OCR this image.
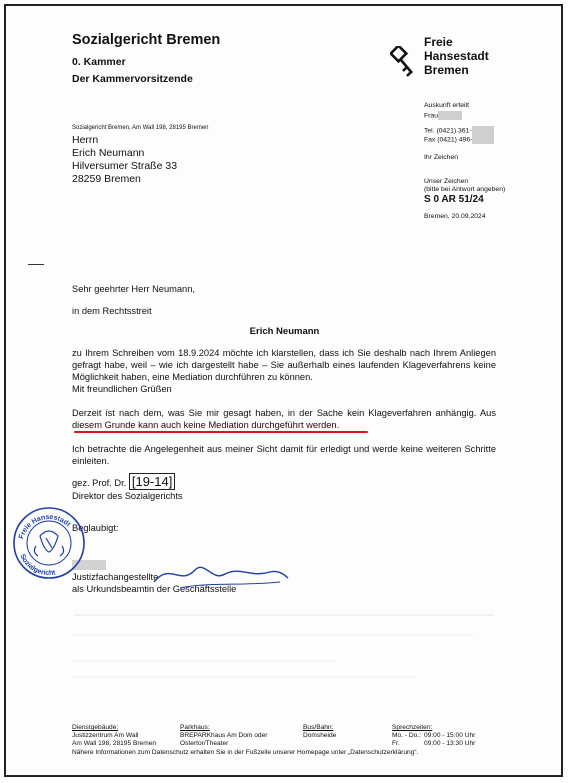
Sozialgericht Bremen
0. Kammer
Der Kammervorsitzende
Freie
Hansestadt
Bremen
Sozialgericht Bremen, Am Wall 198, 28195 Bremen
Herrn
Erich Neumann
Hilversumer Straße 33
28259 Bremen
Auskunft erteilt
Frau
Tel. (0421) 361-
Fax (0421) 496-
Ihr Zeichen
Unser Zeichen
(bitte bei Antwort angeben)
S 0 AR 51/24
Bremen, 20.09.2024
Sehr geehrter Herr Neumann,
in dem Rechtsstreit
Erich Neumann
zu Ihrem Schreiben vom 18.9.2024 möchte ich klarstellen, dass ich Sie deshalb nach Ihrem Anliegen gefragt habe, weil – wie ich dargestellt habe – Sie außerhalb eines laufenden Klageverfahrens keine Möglichkeit haben, eine Mediation durchführen zu können.
Mit freundlichen Grüßen
Derzeit ist nach dem, was Sie mir gesagt haben, in der Sache kein Klageverfahren anhängig. Aus diesem Grunde kann auch keine Mediation durchgeführt werden.
Ich betrachte die Angelegenheit aus meiner Sicht damit für erledigt und werde keine weiteren Schritte einleiten.
gez. Prof. Dr. [19-14]
Direktor des Sozialgerichts
Beglaubigt:
Justizfachangestellte
als Urkundsbeamtin der Geschäftsstelle
Freie Hansestadt
Sozialgericht
Dienstgebäude:
Justizzentrum Am Wall
Am Wall 198, 28195 Bremen
Parkhaus:
BREPARKhaus Am Dom oder
Ostertor/Theater
Bus/Bahn:
Domsheide
Sprechzeiten:
Mo. - Do.: 09:00 - 15:00 Uhr
Fr.	09:00 - 13:30 Uhr
Nähere Informationen zum Datenschutz erhalten Sie in der Fußzeile unserer Homepage unter „Datenschutzerklärung“.
